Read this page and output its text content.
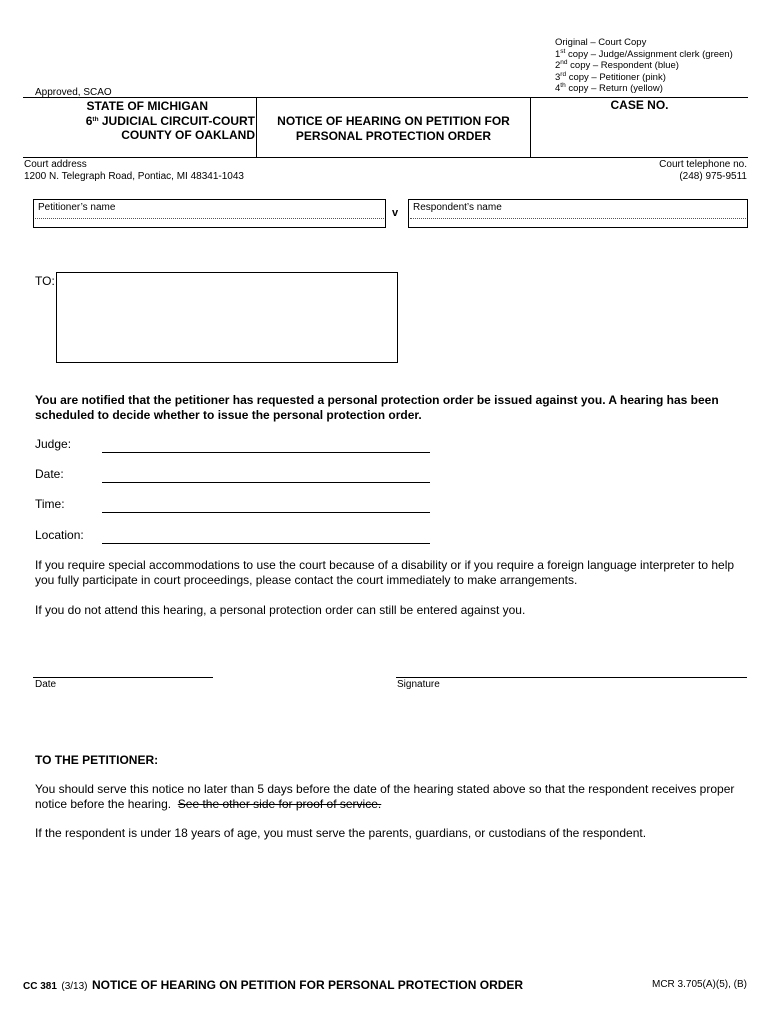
Original – Court Copy
1st copy – Judge/Assignment clerk (green)
2nd copy – Respondent (blue)
3rd copy – Petitioner (pink)
4th copy – Return (yellow)
Approved, SCAO
STATE OF MICHIGAN
6th JUDICIAL CIRCUIT-COURT
COUNTY OF OAKLAND
NOTICE OF HEARING ON PETITION FOR
PERSONAL PROTECTION ORDER
CASE NO.
Court address
1200 N. Telegraph Road, Pontiac, MI 48341-1043
Court telephone no.
(248) 975-9511
Petitioner’s name	v Respondent’s name
TO:
You are notified that the petitioner has requested a personal protection order be issued against you. A hearing has been scheduled to decide whether to issue the personal protection order.
Judge:
Date:
Time:
Location:
If you require special accommodations to use the court because of a disability or if you require a foreign language interpreter to help you fully participate in court proceedings, please contact the court immediately to make arrangements.
If you do not attend this hearing, a personal protection order can still be entered against you.
Date	Signature
TO THE PETITIONER:
You should serve this notice no later than 5 days before the date of the hearing stated above so that the respondent receives proper notice before the hearing. See the other side for proof of service.
If the respondent is under 18 years of age, you must serve the parents, guardians, or custodians of the respondent.
CC 381 (3/13) NOTICE OF HEARING ON PETITION FOR PERSONAL PROTECTION ORDER	MCR 3.705(A)(5), (B)
